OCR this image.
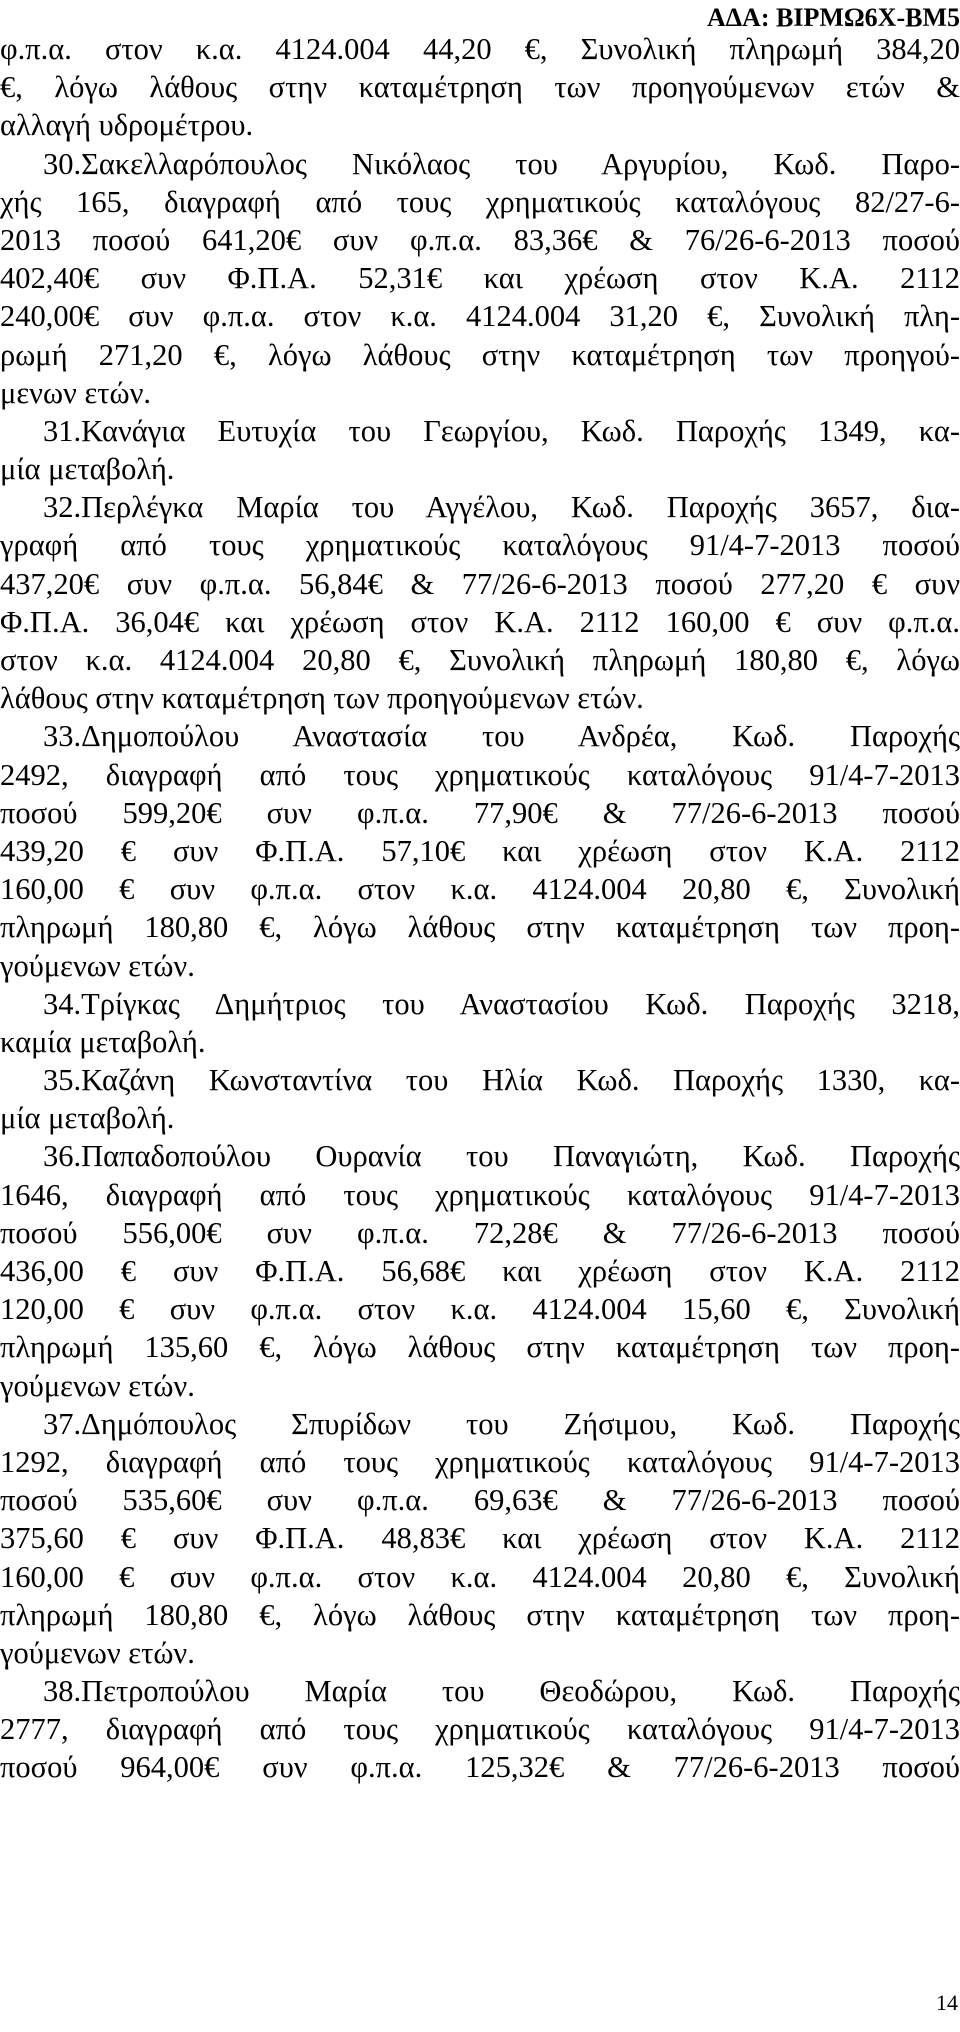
ΑΔΑ: ΒΙΡΜΩ6Χ-ΒΜ5
φ.π.α. στον κ.α. 4124.004 44,20 €, Συνολική πληρωμή 384,20
€, λόγω λάθους στην καταμέτρηση των προηγούμενων ετών &
αλλαγή υδρομέτρου.
30.Σακελλαρόπουλος Νικόλαος του Αργυρίου, Κωδ. Παρο-
χής 165, διαγραφή από τους χρηματικούς καταλόγους 82/27-6-
2013 ποσού 641,20€ συν φ.π.α. 83,36€ & 76/26-6-2013 ποσού
402,40€ συν Φ.Π.Α. 52,31€ και χρέωση στον Κ.Α. 2112
240,00€ συν φ.π.α. στον κ.α. 4124.004 31,20 €, Συνολική πλη-
ρωμή 271,20 €, λόγω λάθους στην καταμέτρηση των προηγού-
μενων ετών.
31.Κανάγια Ευτυχία του Γεωργίου, Κωδ. Παροχής 1349, κα-
μία μεταβολή.
32.Περλέγκα Μαρία του Αγγέλου, Κωδ. Παροχής 3657, δια-
γραφή από τους χρηματικούς καταλόγους 91/4-7-2013 ποσού
437,20€ συν φ.π.α. 56,84€ & 77/26-6-2013 ποσού 277,20 € συν
Φ.Π.Α. 36,04€ και χρέωση στον Κ.Α. 2112 160,00 € συν φ.π.α.
στον κ.α. 4124.004 20,80 €, Συνολική πληρωμή 180,80 €, λόγω
λάθους στην καταμέτρηση των προηγούμενων ετών.
33.Δημοπούλου Αναστασία του Ανδρέα, Κωδ. Παροχής
2492, διαγραφή από τους χρηματικούς καταλόγους 91/4-7-2013
ποσού 599,20€ συν φ.π.α. 77,90€ & 77/26-6-2013 ποσού
439,20 € συν Φ.Π.Α. 57,10€ και χρέωση στον Κ.Α. 2112
160,00 € συν φ.π.α. στον κ.α. 4124.004 20,80 €, Συνολική
πληρωμή 180,80 €, λόγω λάθους στην καταμέτρηση των προη-
γούμενων ετών.
34.Τρίγκας Δημήτριος του Αναστασίου Κωδ. Παροχής 3218,
καμία μεταβολή.
35.Καζάνη Κωνσταντίνα του Ηλία Κωδ. Παροχής 1330, κα-
μία μεταβολή.
36.Παπαδοπούλου Ουρανία του Παναγιώτη, Κωδ. Παροχής
1646, διαγραφή από τους χρηματικούς καταλόγους 91/4-7-2013
ποσού 556,00€ συν φ.π.α. 72,28€ & 77/26-6-2013 ποσού
436,00 € συν Φ.Π.Α. 56,68€ και χρέωση στον Κ.Α. 2112
120,00 € συν φ.π.α. στον κ.α. 4124.004 15,60 €, Συνολική
πληρωμή 135,60 €, λόγω λάθους στην καταμέτρηση των προη-
γούμενων ετών.
37.Δημόπουλος Σπυρίδων του Ζήσιμου, Κωδ. Παροχής
1292, διαγραφή από τους χρηματικούς καταλόγους 91/4-7-2013
ποσού 535,60€ συν φ.π.α. 69,63€ & 77/26-6-2013 ποσού
375,60 € συν Φ.Π.Α. 48,83€ και χρέωση στον Κ.Α. 2112
160,00 € συν φ.π.α. στον κ.α. 4124.004 20,80 €, Συνολική
πληρωμή 180,80 €, λόγω λάθους στην καταμέτρηση των προη-
γούμενων ετών.
38.Πετροπούλου Μαρία του Θεοδώρου, Κωδ. Παροχής
2777, διαγραφή από τους χρηματικούς καταλόγους 91/4-7-2013
ποσού 964,00€ συν φ.π.α. 125,32€ & 77/26-6-2013 ποσού
14
